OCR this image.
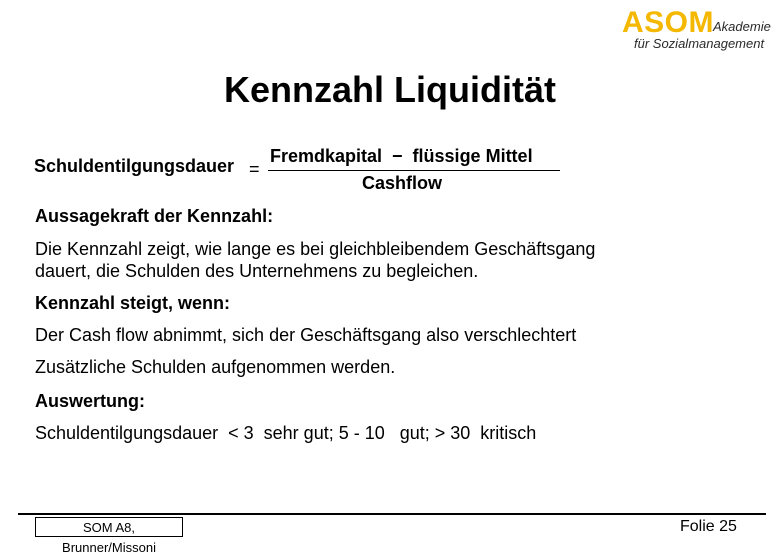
ASOM Akademie
für Sozialmanagement
Kennzahl Liquidität
Schuldentilgungsdauer =
Fremdkapital  −  flüssige Mittel
Cashflow
Aussagekraft der Kennzahl:
Die Kennzahl zeigt, wie lange es bei gleichbleibendem Geschäftsgang
dauert, die Schulden des Unternehmens zu begleichen.
Kennzahl steigt, wenn:
Der Cash flow abnimmt, sich der Geschäftsgang also verschlechtert
Zusätzliche Schulden aufgenommen werden.
Auswertung:
Schuldentilgungsdauer  < 3  sehr gut; 5 - 10   gut; > 30  kritisch
SOM A8, Brunner/Missoni
Folie 25
